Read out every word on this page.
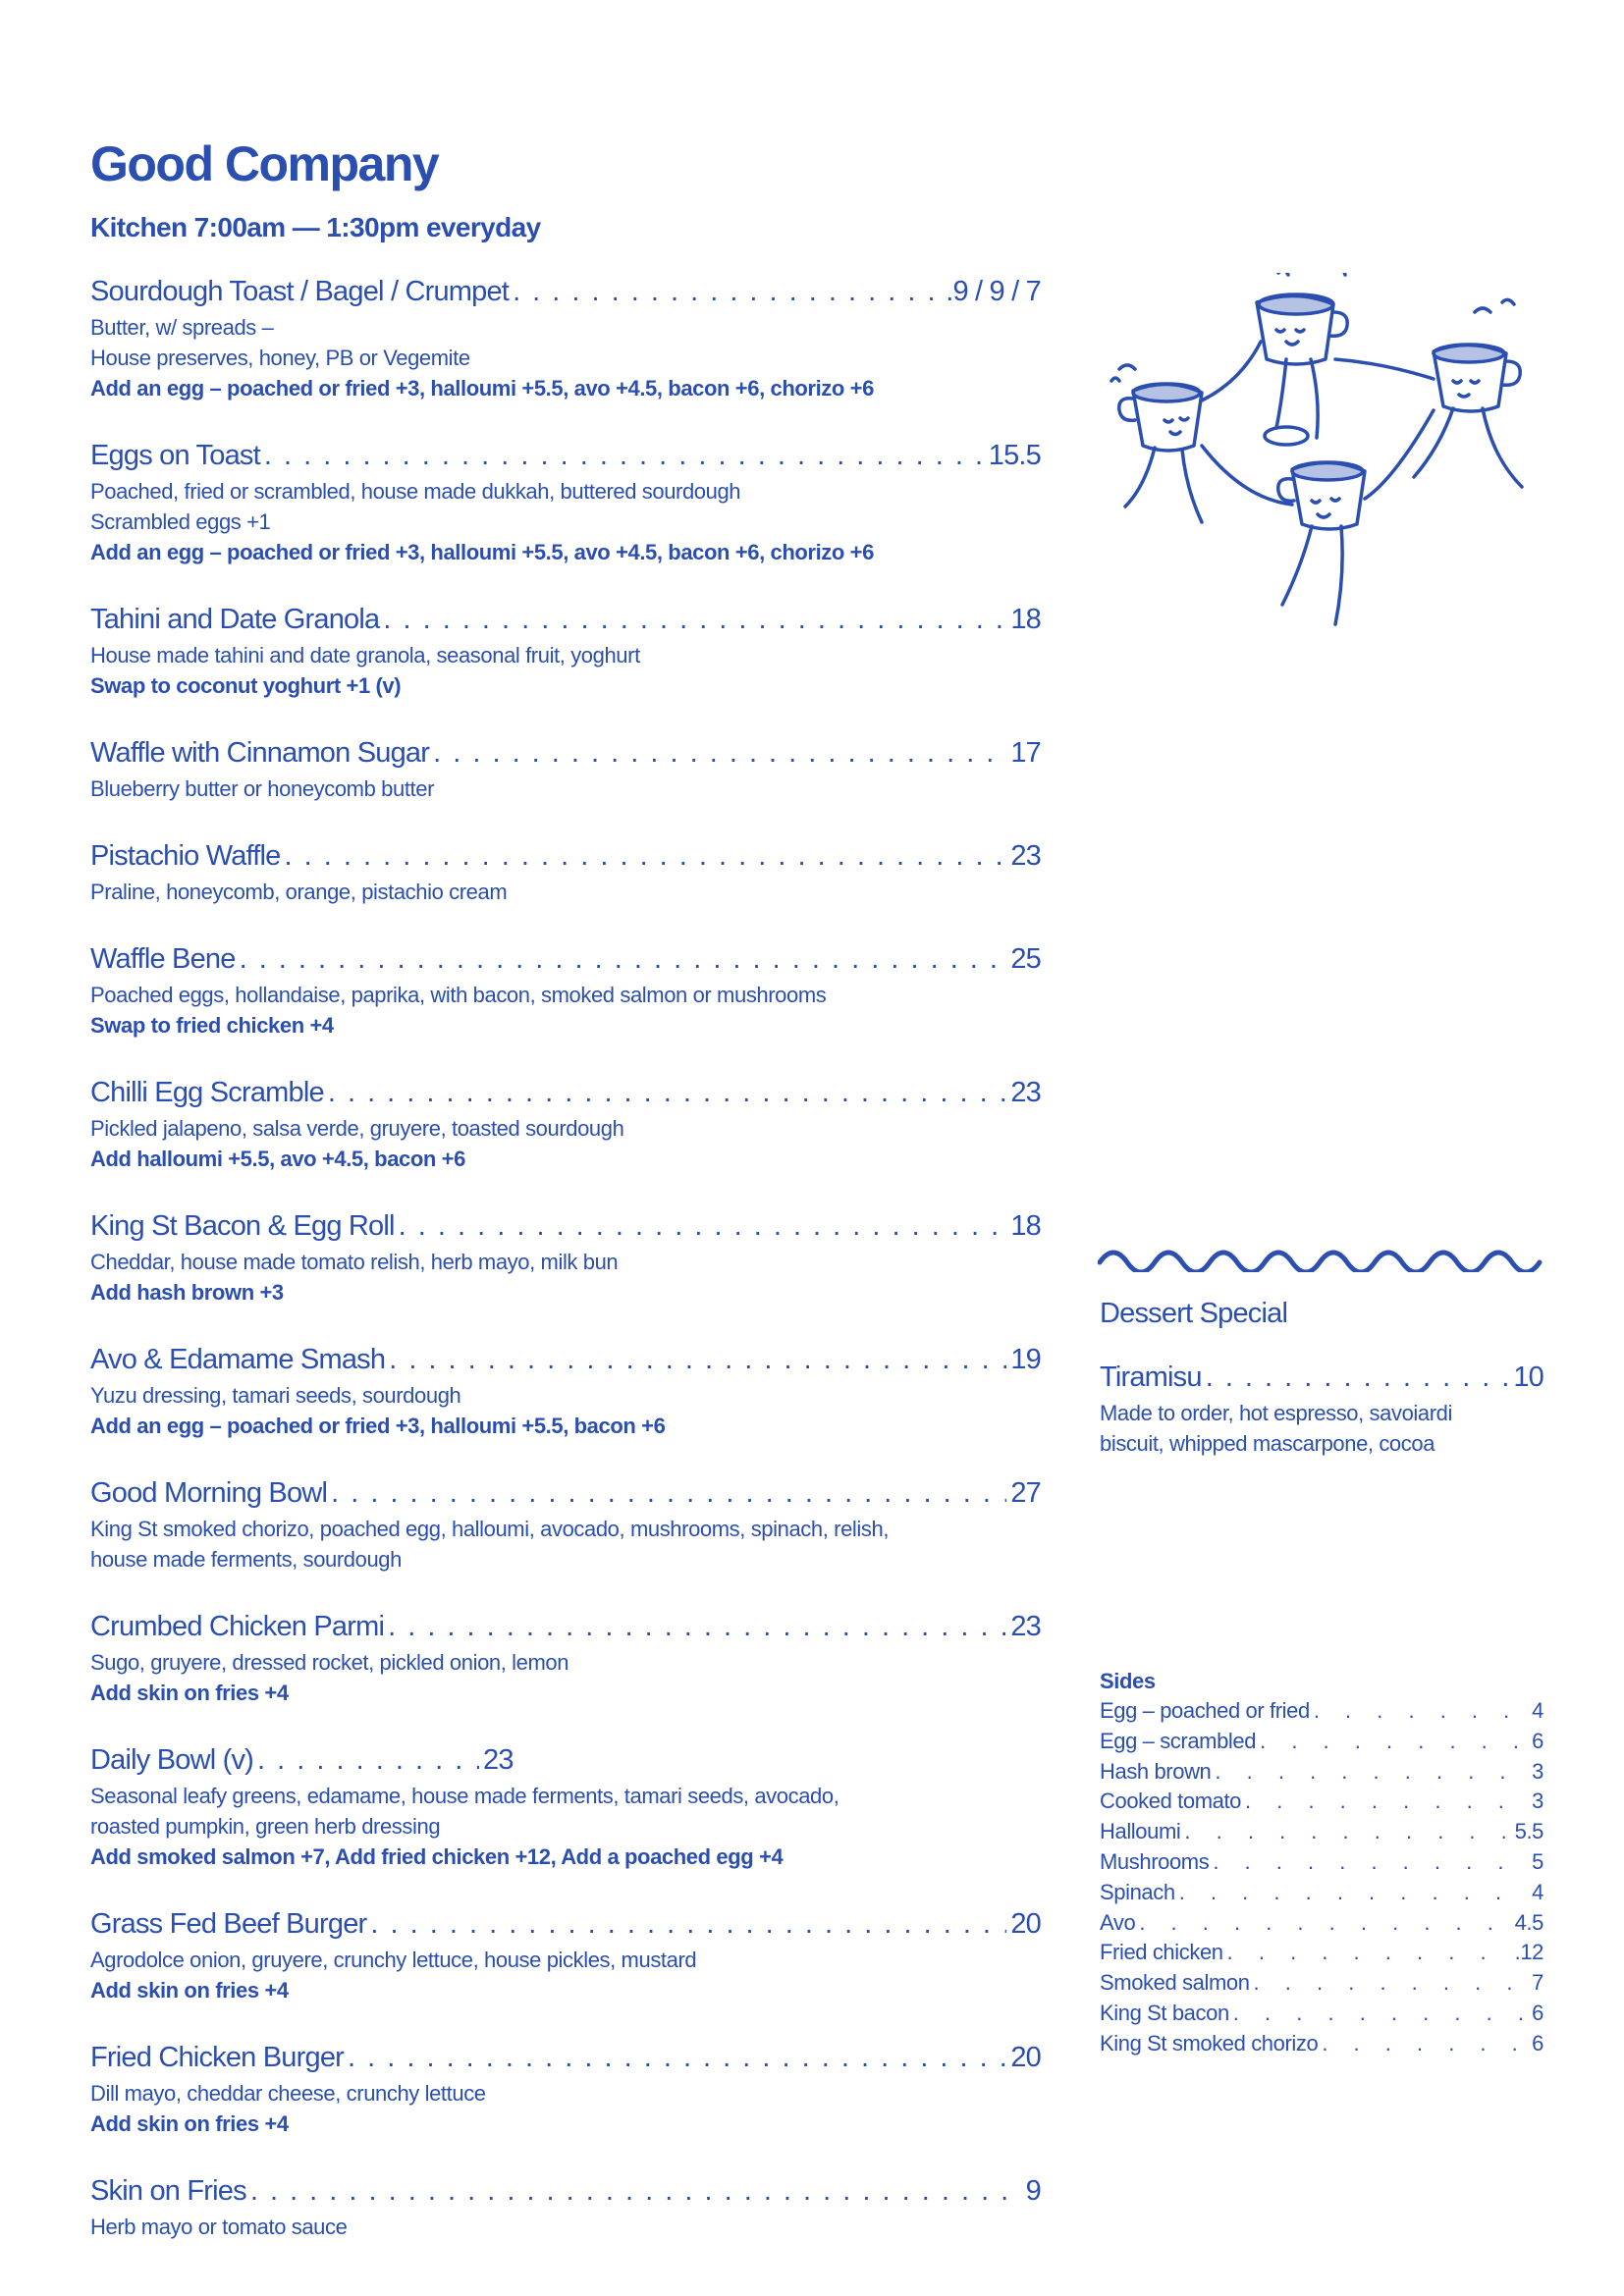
Good Company
Kitchen 7:00am — 1:30pm everyday
Sourdough Toast / Bagel / Crumpet . . .	.9 / 9 / 7
Butter, w/ spreads –
House preserves, honey, PB or Vegemite
Add an egg – poached or fried +3, halloumi +5.5, avo +4.5, bacon +6, chorizo +6
Eggs on Toast . . .	15.5
Poached, fried or scrambled, house made dukkah, buttered sourdough
Scrambled eggs +1
Add an egg – poached or fried +3, halloumi +5.5, avo +4.5, bacon +6, chorizo +6
Tahini and Date Granola . . .	18
House made tahini and date granola, seasonal fruit, yoghurt
Swap to coconut yoghurt +1 (v)
Waffle with Cinnamon Sugar . . .	17
Blueberry butter or honeycomb butter
Pistachio Waffle . . .	23
Praline, honeycomb, orange, pistachio cream
Waffle Bene . . .	25
Poached eggs, hollandaise, paprika, with bacon, smoked salmon or mushrooms
Swap to fried chicken +4
Chilli Egg Scramble . . .	23
Pickled jalapeno, salsa verde, gruyere, toasted sourdough
Add halloumi +5.5, avo +4.5, bacon +6
King St Bacon & Egg Roll . . .	18
Cheddar, house made tomato relish, herb mayo, milk bun
Add hash brown +3
Avo & Edamame Smash . . .	19
Yuzu dressing, tamari seeds, sourdough
Add an egg – poached or fried +3, halloumi +5.5, bacon +6
Good Morning Bowl . . .	27
King St smoked chorizo, poached egg, halloumi, avocado, mushrooms, spinach, relish,
house made ferments, sourdough
Crumbed Chicken Parmi . . .	23
Sugo, gruyere, dressed rocket, pickled onion, lemon
Add skin on fries +4
Daily Bowl (v) . . .	23
Seasonal leafy greens, edamame, house made ferments, tamari seeds, avocado,
roasted pumpkin, green herb dressing
Add smoked salmon +7, Add fried chicken +12, Add a poached egg +4
Grass Fed Beef Burger . . .	20
Agrodolce onion, gruyere, crunchy lettuce, house pickles, mustard
Add skin on fries +4
Fried Chicken Burger . . .	20
Dill mayo, cheddar cheese, crunchy lettuce
Add skin on fries +4
Skin on Fries . . .	9
Herb mayo or tomato sauce
Dessert Special
Tiramisu . . .	10
Made to order, hot espresso, savoiardi
biscuit, whipped mascarpone, cocoa
Sides
Egg – poached or fried . . .	4
Egg – scrambled . . .	6
Hash brown . . .	3
Cooked tomato . . .	3
Halloumi . . .	5.5
Mushrooms . . .	5
Spinach . . .	4
Avo . . .	4.5
Fried chicken . . .	.12
Smoked salmon . . .	7
King St bacon . . .	6
King St smoked chorizo . . .	6
